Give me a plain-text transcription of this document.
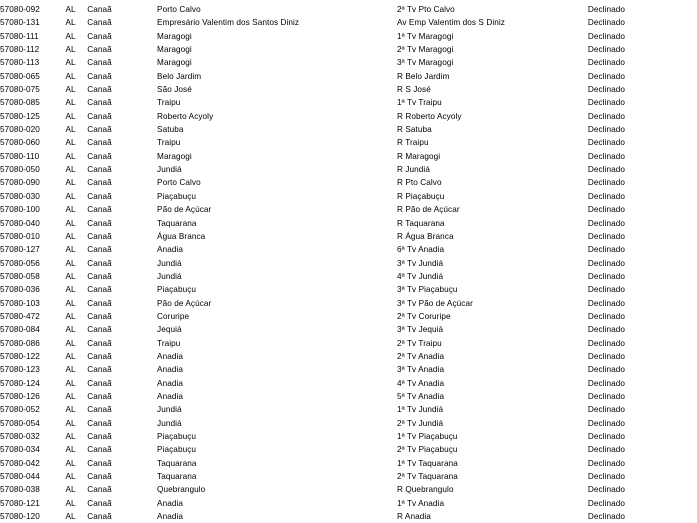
57080-092	AL	Canaã	Porto Calvo	2ª Tv Pto Calvo	Declinado
57080-131	AL	Canaã	Empresário Valentim dos Santos Diniz	Av Emp Valentim dos S Diniz	Declinado
57080-111	AL	Canaã	Maragogi	1ª Tv Maragogi	Declinado
57080-112	AL	Canaã	Maragogi	2ª Tv Maragogi	Declinado
57080-113	AL	Canaã	Maragogi	3ª Tv Maragogi	Declinado
57080-065	AL	Canaã	Belo Jardim	R Belo Jardim	Declinado
57080-075	AL	Canaã	São José	R S José	Declinado
57080-085	AL	Canaã	Traipu	1ª Tv Traipu	Declinado
57080-125	AL	Canaã	Roberto Acyoly	R Roberto Acyoly	Declinado
57080-020	AL	Canaã	Satuba	R Satuba	Declinado
57080-060	AL	Canaã	Traipu	R Traipu	Declinado
57080-110	AL	Canaã	Maragogi	R Maragogi	Declinado
57080-050	AL	Canaã	Jundiá	R Jundiá	Declinado
57080-090	AL	Canaã	Porto Calvo	R Pto Calvo	Declinado
57080-030	AL	Canaã	Piaçabuçu	R Piaçabuçu	Declinado
57080-100	AL	Canaã	Pão de Açúcar	R Pão de Açúcar	Declinado
57080-040	AL	Canaã	Taquarana	R Taquarana	Declinado
57080-010	AL	Canaã	Água Branca	R Água Branca	Declinado
57080-127	AL	Canaã	Anadia	6ª Tv Anadia	Declinado
57080-056	AL	Canaã	Jundiá	3ª Tv Jundiá	Declinado
57080-058	AL	Canaã	Jundiá	4ª Tv Jundiá	Declinado
57080-036	AL	Canaã	Piaçabuçu	3ª Tv Piaçabuçu	Declinado
57080-103	AL	Canaã	Pão de Açúcar	3ª Tv Pão de Açúcar	Declinado
57080-472	AL	Canaã	Coruripe	2ª Tv Coruripe	Declinado
57080-084	AL	Canaã	Jequiá	3ª Tv Jequiá	Declinado
57080-086	AL	Canaã	Traipu	2ª Tv Traipu	Declinado
57080-122	AL	Canaã	Anadia	2ª Tv Anadia	Declinado
57080-123	AL	Canaã	Anadia	3ª Tv Anadia	Declinado
57080-124	AL	Canaã	Anadia	4ª Tv Anadia	Declinado
57080-126	AL	Canaã	Anadia	5ª Tv Anadia	Declinado
57080-052	AL	Canaã	Jundiá	1ª Tv Jundiá	Declinado
57080-054	AL	Canaã	Jundiá	2ª Tv Jundiá	Declinado
57080-032	AL	Canaã	Piaçabuçu	1ª Tv Piaçabuçu	Declinado
57080-034	AL	Canaã	Piaçabuçu	2ª Tv Piaçabuçu	Declinado
57080-042	AL	Canaã	Taquarana	1ª Tv Taquarana	Declinado
57080-044	AL	Canaã	Taquarana	2ª Tv Taquarana	Declinado
57080-038	AL	Canaã	Quebrangulo	R Quebrangulo	Declinado
57080-121	AL	Canaã	Anadia	1ª Tv Anadia	Declinado
57080-120	AL	Canaã	Anadia	R Anadia	Declinado
